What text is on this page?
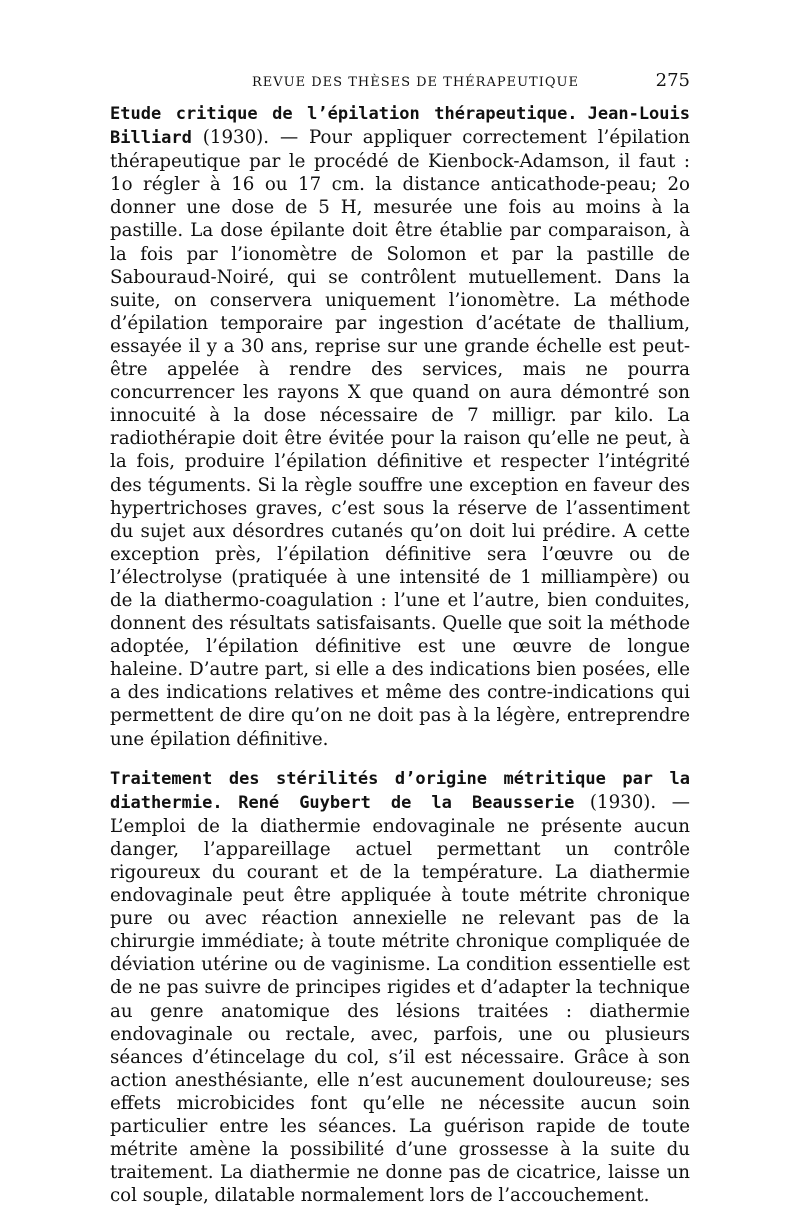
REVUE DES THÈSES DE THÉRAPEUTIQUE	275

Etude critique de l’épilation thérapeutique. Jean-Louis Billiard (1930). — Pour appliquer correctement l’épilation thérapeutique par le procédé de Kienbock-Adamson, il faut : 1o régler à 16 ou 17 cm. la distance anticathode-peau; 2o donner une dose de 5 H, mesurée une fois au moins à la pastille. La dose épilante doit être établie par comparaison, à la fois par l’ionomètre de Solomon et par la pastille de Sabouraud-Noiré, qui se contrôlent mutuellement. Dans la suite, on conservera uniquement l’ionomètre. La méthode d’épilation temporaire par ingestion d’acétate de thallium, essayée il y a 30 ans, reprise sur une grande échelle est peut-être appelée à rendre des services, mais ne pourra concurrencer les rayons X que quand on aura démontré son innocuité à la dose nécessaire de 7 milligr. par kilo. La radiothérapie doit être évitée pour la raison qu’elle ne peut, à la fois, produire l’épilation définitive et respecter l’intégrité des téguments. Si la règle souffre une exception en faveur des hypertrichoses graves, c’est sous la réserve de l’assentiment du sujet aux désordres cutanés qu’on doit lui prédire. A cette exception près, l’épilation définitive sera l’œuvre ou de l’électrolyse (pratiquée à une intensité de 1 milliampère) ou de la diathermo-coagulation : l’une et l’autre, bien conduites, donnent des résultats satisfaisants. Quelle que soit la méthode adoptée, l’épilation définitive est une œuvre de longue haleine. D’autre part, si elle a des indications bien posées, elle a des indications relatives et même des contre-indications qui permettent de dire qu’on ne doit pas à la légère, entreprendre une épilation définitive.

Traitement des stérilités d’origine métritique par la diathermie. René Guybert de la Beausserie (1930). — L’emploi de la diathermie endovaginale ne présente aucun danger, l’appareillage actuel permettant un contrôle rigoureux du courant et de la température. La diathermie endovaginale peut être appliquée à toute métrite chronique pure ou avec réaction annexielle ne relevant pas de la chirurgie immédiate; à toute métrite chronique compliquée de déviation utérine ou de vaginisme. La condition essentielle est de ne pas suivre de principes rigides et d’adapter la technique au genre anatomique des lésions traitées : diathermie endovaginale ou rectale, avec, parfois, une ou plusieurs séances d’étincelage du col, s’il est nécessaire. Grâce à son action anesthésiante, elle n’est aucunement douloureuse; ses effets microbicides font qu’elle ne nécessite aucun soin particulier entre les séances. La guérison rapide de toute métrite amène la possibilité d’une grossesse à la suite du traitement. La diathermie ne donne pas de cicatrice, laisse un col souple, dilatable normalement lors de l’accouchement.
